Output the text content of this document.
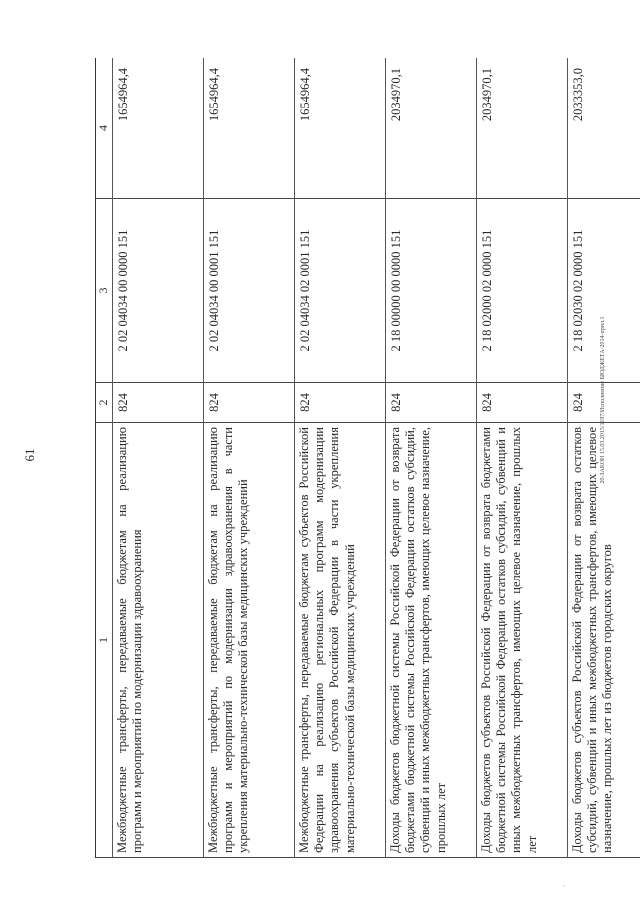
61	20-ЗАКОН 15.03.2015/1197/Исполнение БЮДЖЕТА-2014-прил.1
'
1
2
3
4
Межбюджетные трансферты, передаваемые бюджетам на реализацию программ и мероприятий по модернизации здравоохранения
824
2 02 04034 00 0000 151
1654964,4
Межбюджетные трансферты, передаваемые бюджетам на реализацию программ и мероприятий по модернизации здравоохранения в части укрепления материально-технической базы медицинских учреждений
824
2 02 04034 00 0001 151
1654964,4
Межбюджетные трансферты, передаваемые бюджетам субъектов Российской Федерации на реализацию региональных программ модернизации здравоохранения субъектов Российской Федерации в части укрепления материально-технической базы медицинских учреждений
824
2 02 04034 02 0001 151
1654964,4
Доходы бюджетов бюджетной системы Российской Федерации от возврата бюджетами бюджетной системы Российской Федерации остатков субсидий, субвенций и иных межбюджетных трансфертов, имеющих целевое назначение, прошлых лет
824
2 18 00000 00 0000 151
2034970,1
Доходы бюджетов субъектов Российской Федерации от возврата бюджетами бюджетной системы Российской Федерации остатков субсидий, субвенций и иных межбюджетных трансфертов, имеющих целевое назначение, прошлых лет
824
2 18 02000 02 0000 151
2034970,1
Доходы бюджетов субъектов Российской Федерации от возврата остатков субсидий, субвенций и иных межбюджетных трансфертов, имеющих целевое назначение, прошлых лет из бюджетов городских округов
824
2 18 02030 02 0000 151
2033353,0
